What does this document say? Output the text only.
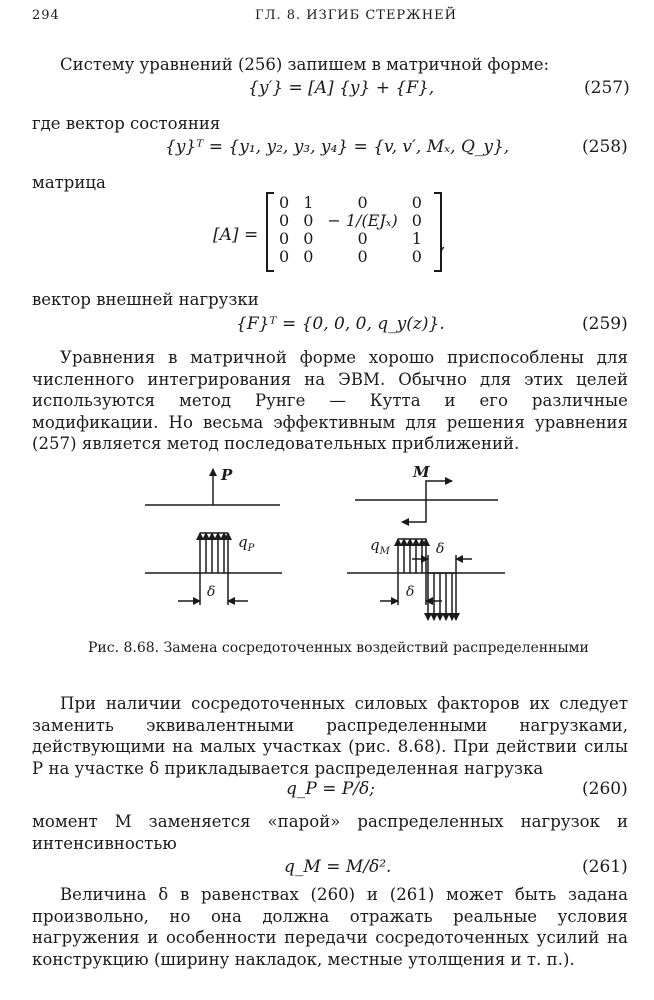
294	ГЛ. 8. ИЗГИБ СТЕРЖНЕЙ
Систему уравнений (256) запишем в матричной форме:
{y′} = [A] {y} + {F},	(257)
где вектор состояния
{y}ᵀ = {y₁, y₂, y₃, y₄} = {v, v′, Mₓ, Q_y},	(258)
матрица
[A] =
0	1	0	0
0	0	− 1/(EJₓ)	0
0	0	0	1
0	0	0	0
,
вектор внешней нагрузки
{F}ᵀ = {0, 0, 0, q_y(z)}.	(259)
Уравнения в матричной форме хорошо приспособлены для численного интегрирования на ЭВМ. Обычно для этих целей используются метод Рунге — Кутта и его различные модификации. Но весьма эффективным для решения уравнения (257) является метод последовательных приближений.
P
$q_P$
δ
M
$q_M$
δ
δ
Рис. 8.68. Замена сосредоточенных воздействий распределенными
При наличии сосредоточенных силовых факторов их следует заменить эквивалентными распределенными нагрузками, действующими на малых участках (рис. 8.68). При действии силы P на участке δ прикладывается распределенная нагрузка
q_P = P/δ;	(260)
момент M заменяется «парой» распределенных нагрузок и интенсивностью
q_M = M/δ².	(261)
Величина δ в равенствах (260) и (261) может быть задана произвольно, но она должна отражать реальные условия нагружения и особенности передачи сосредоточенных усилий на конструкцию (ширину накладок, местные утолщения и т. п.).
